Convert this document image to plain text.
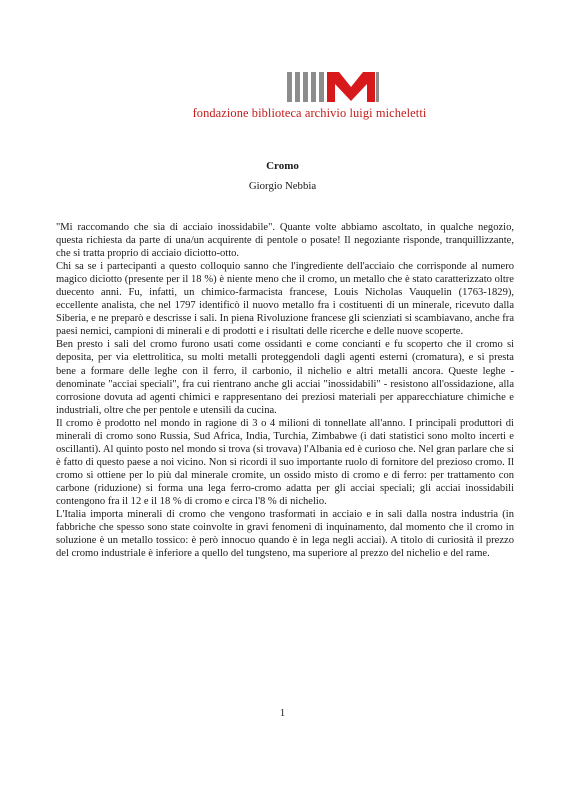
fondazione biblioteca archivio luigi micheletti
Cromo
Giorgio Nebbia

"Mi raccomando che sia di acciaio inossidabile". Quante volte abbiamo ascoltato, in qualche negozio, questa richiesta da parte di una/un acquirente di pentole o posate! Il negoziante risponde, tranquillizzante, che si tratta proprio di acciaio diciotto-otto.

Chi sa se i partecipanti a questo colloquio sanno che l'ingrediente dell'acciaio che corrisponde al numero magico diciotto (presente per il 18 %) è niente meno che il cromo, un metallo che è stato caratterizzato oltre duecento anni. Fu, infatti, un chimico-farmacista francese, Louis Nicholas Vauquelin (1763-1829), eccellente analista, che nel 1797 identificò il nuovo metallo fra i costituenti di un minerale, ricevuto dalla Siberia, e ne preparò e descrisse i sali. In piena Rivoluzione francese gli scienziati si scambiavano, anche fra paesi nemici, campioni di minerali e di prodotti e i risultati delle ricerche e delle nuove scoperte.

Ben presto i sali del cromo furono usati come ossidanti e come concianti e fu scoperto che il cromo si deposita, per via elettrolitica, su molti metalli proteggendoli dagli agenti esterni (cromatura), e si presta bene a formare delle leghe con il ferro, il carbonio, il nichelio e altri metalli ancora. Queste leghe - denominate "acciai speciali", fra cui rientrano anche gli acciai "inossidabili" - resistono all'ossidazione, alla corrosione dovuta ad agenti chimici e rappresentano dei preziosi materiali per apparecchiature chimiche e industriali, oltre che per pentole e utensili da cucina.

Il cromo è prodotto nel mondo in ragione di 3 o 4 milioni di tonnellate all'anno. I principali produttori di minerali di cromo sono Russia, Sud Africa, India, Turchia, Zimbabwe (i dati statistici sono molto incerti e oscillanti). Al quinto posto nel mondo si trova (si trovava) l'Albania ed è curioso che. Nel gran parlare che si è fatto di questo paese a noi vicino. Non si ricordi il suo importante ruolo di fornitore del prezioso cromo. Il cromo si ottiene per lo più dal minerale cromite, un ossido misto di cromo e di ferro: per trattamento con carbone (riduzione) si forma una lega ferro-cromo adatta per gli acciai speciali; gli acciai inossidabili contengono fra il 12 e il 18 % di cromo e circa l'8 % di nichelio.

L'Italia importa minerali di cromo che vengono trasformati in acciaio e in sali dalla nostra industria (in fabbriche che spesso sono state coinvolte in gravi fenomeni di inquinamento, dal momento che il cromo in soluzione è un metallo tossico: è però innocuo quando è in lega negli acciai). A titolo di curiosità il prezzo del cromo industriale è inferiore a quello del tungsteno, ma superiore al prezzo del nichelio e del rame.

1
